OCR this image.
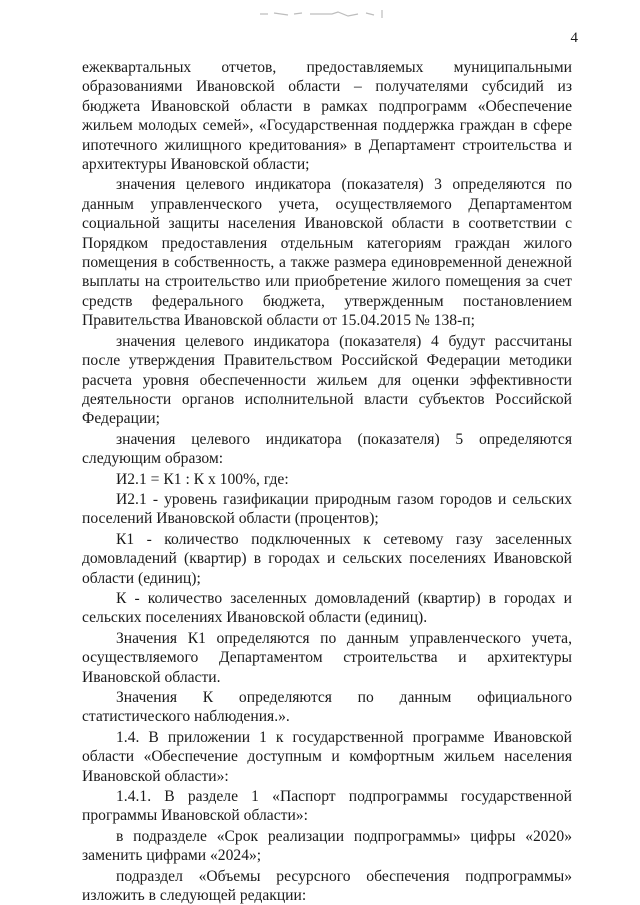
4

ежеквартальных отчетов, предоставляемых муниципальными образованиями Ивановской области – получателями субсидий из бюджета Ивановской области в рамках подпрограмм «Обеспечение жильем молодых семей», «Государственная поддержка граждан в сфере ипотечного жилищного кредитования» в Департамент строительства и архитектуры Ивановской области;

значения целевого индикатора (показателя) 3 определяются по данным управленческого учета, осуществляемого Департаментом социальной защиты населения Ивановской области в соответствии с Порядком предоставления отдельным категориям граждан жилого помещения в собственность, а также размера единовременной денежной выплаты на строительство или приобретение жилого помещения за счет средств федерального бюджета, утвержденным постановлением Правительства Ивановской области от 15.04.2015 № 138-п;

значения целевого индикатора (показателя) 4 будут рассчитаны после утверждения Правительством Российской Федерации методики расчета уровня обеспеченности жильем для оценки эффективности деятельности органов исполнительной власти субъектов Российской Федерации;

значения целевого индикатора (показателя) 5 определяются следующим образом:

И2.1 = К1 : К х 100%, где:

И2.1 - уровень газификации природным газом городов и сельских поселений Ивановской области (процентов);

К1 - количество подключенных к сетевому газу заселенных домовладений (квартир) в городах и сельских поселениях Ивановской области (единиц);

К - количество заселенных домовладений (квартир) в городах и сельских поселениях Ивановской области (единиц).

Значения К1 определяются по данным управленческого учета, осуществляемого Департаментом строительства и архитектуры Ивановской области.

Значения К определяются по данным официального статистического наблюдения.».

1.4. В приложении 1 к государственной программе Ивановской области «Обеспечение доступным и комфортным жильем населения Ивановской области»:

1.4.1. В разделе 1 «Паспорт подпрограммы государственной программы Ивановской области»:

в подразделе «Срок реализации подпрограммы» цифры «2020» заменить цифрами «2024»;

подраздел «Объемы ресурсного обеспечения подпрограммы» изложить в следующей редакции:
